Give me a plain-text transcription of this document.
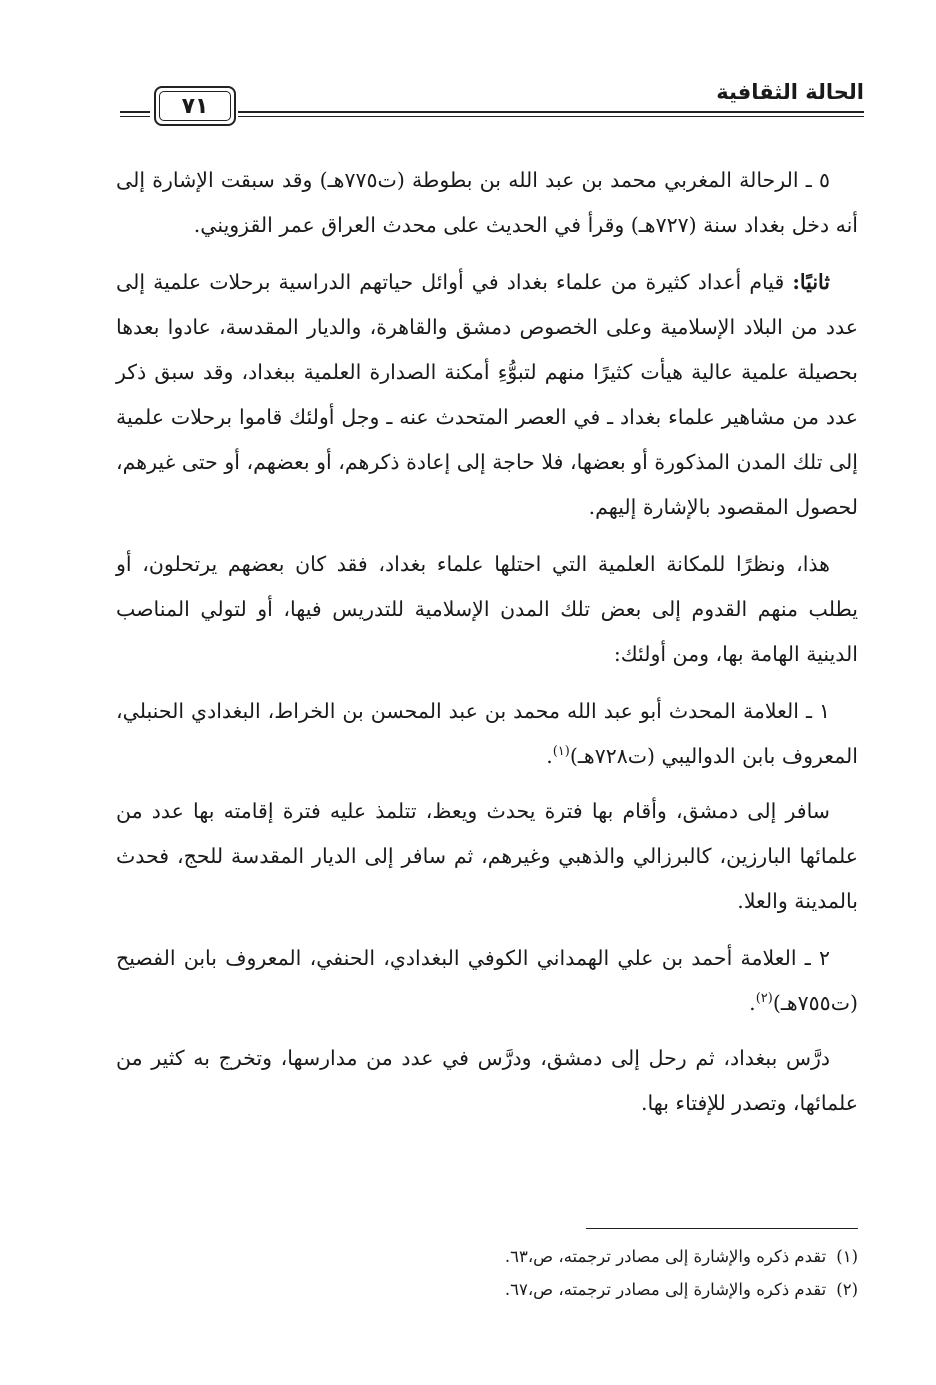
٧١
الحالة الثقافية

٥ ـ الرحالة المغربي محمد بن عبد الله بن بطوطة (ت٧٧٥هـ) وقد سبقت الإشارة إلى أنه دخل بغداد سنة (٧٢٧هـ) وقرأ في الحديث على محدث العراق عمر القزويني.

ثانيًا: قيام أعداد كثيرة من علماء بغداد في أوائل حياتهم الدراسية برحلات علمية إلى عدد من البلاد الإسلامية وعلى الخصوص دمشق والقاهرة، والديار المقدسة، عادوا بعدها بحصيلة علمية عالية هيأت كثيرًا منهم لتبوُّءِ أمكنة الصدارة العلمية ببغداد، وقد سبق ذكر عدد من مشاهير علماء بغداد ـ في العصر المتحدث عنه ـ وجل أولئك قاموا برحلات علمية إلى تلك المدن المذكورة أو بعضها، فلا حاجة إلى إعادة ذكرهم، أو بعضهم، أو حتى غيرهم، لحصول المقصود بالإشارة إليهم.

هذا، ونظرًا للمكانة العلمية التي احتلها علماء بغداد، فقد كان بعضهم يرتحلون، أو يطلب منهم القدوم إلى بعض تلك المدن الإسلامية للتدريس فيها، أو لتولي المناصب الدينية الهامة بها، ومن أولئك:

١ ـ العلامة المحدث أبو عبد الله محمد بن عبد المحسن بن الخراط، البغدادي الحنبلي، المعروف بابن الدواليبي (ت٧٢٨هـ)$^{(١)}$.

سافر إلى دمشق، وأقام بها فترة يحدث ويعظ، تتلمذ عليه فترة إقامته بها عدد من علمائها البارزين، كالبرزالي والذهبي وغيرهم، ثم سافر إلى الديار المقدسة للحج، فحدث بالمدينة والعلا.

٢ ـ العلامة أحمد بن علي الهمداني الكوفي البغدادي، الحنفي، المعروف بابن الفصيح (ت٧٥٥هـ)$^{(٢)}$.

درَّس ببغداد، ثم رحل إلى دمشق، ودرَّس في عدد من مدارسها، وتخرج به كثير من علمائها، وتصدر للإفتاء بها.

(١)تقدم ذكره والإشارة إلى مصادر ترجمته، ص،٦٣.
(٢)تقدم ذكره والإشارة إلى مصادر ترجمته، ص،٦٧.
